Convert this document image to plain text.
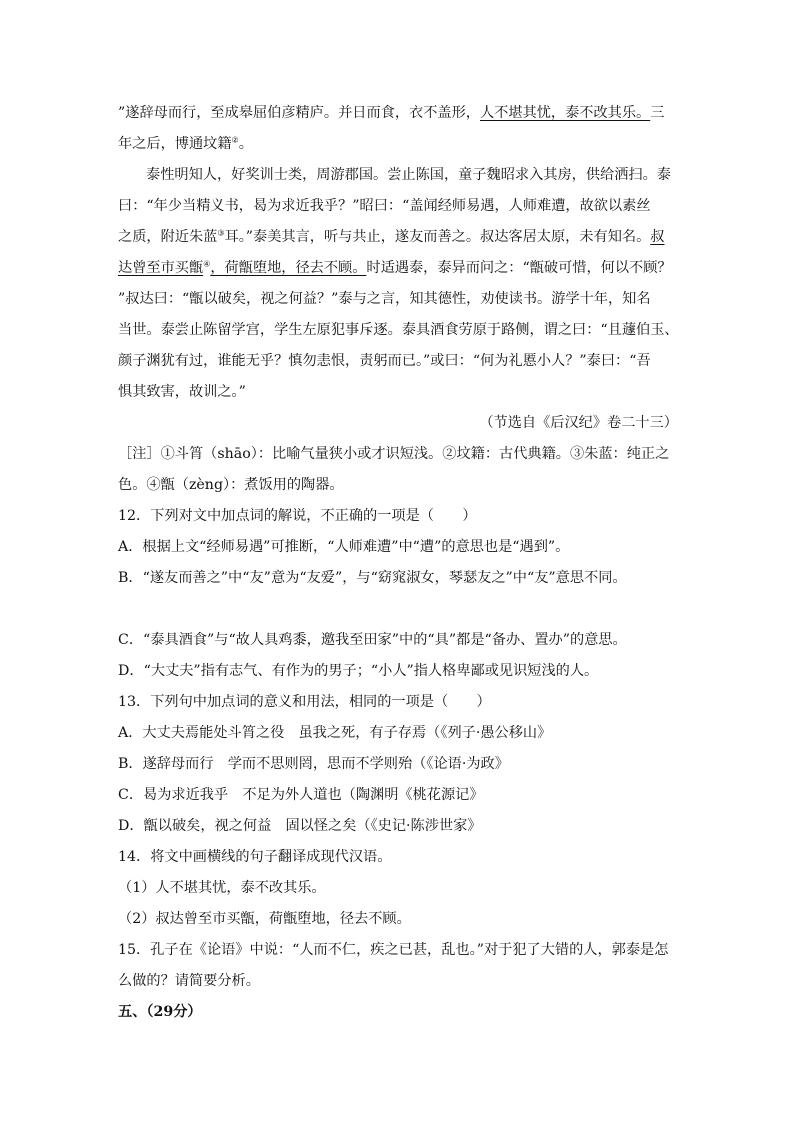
”遂辞母而行，至成皋屈伯彦精庐。并日而食，衣不盖形，人不堪其忧，泰不改其乐。三
年之后，博通坟籍②。
泰性明知人，好奖训士类，周游郡国。尝止陈国，童子魏昭求入其房，供给洒扫。泰
曰：“年少当精义书，曷为求近我乎？”昭曰：“盖闻经师易遇，人师难遭，故欲以素丝
之质，附近朱蓝③耳。”泰美其言，听与共止，遂友而善之。叔达客居太原，未有知名。叔
达曾至市买甑④，荷甑堕地，径去不顾。时适遇泰，泰异而问之：“甑破可惜，何以不顾？
”叔达曰：“甑以破矣，视之何益？”泰与之言，知其德性，劝使读书。游学十年，知名
当世。泰尝止陈留学宫，学生左原犯事斥逐。泰具酒食劳原于路侧，谓之曰：“且蘧伯玉、
颜子渊犹有过，谁能无乎？慎勿恚恨，责躬而已。”或曰：“何为礼慝小人？”泰曰：“吾
惧其致害，故训之。”
（节选自《后汉纪》卷二十三）
［注］①斗筲（shāo）：比喻气量狭小或才识短浅。②坟籍：古代典籍。③朱蓝：纯正之
色。④甑（zèng）：煮饭用的陶器。
12．下列对文中加点词的解说，不正确的一项是（　　）
A．根据上文“经师易遇”可推断，“人师难遭”中“遭”的意思也是“遇到”。
B．“遂友而善之”中“友”意为“友爱”，与“窈窕淑女，琴瑟友之”中“友”意思不同。
C．“泰具酒食”与“故人具鸡黍，邀我至田家”中的“具”都是“备办、置办”的意思。
D．“大丈夫”指有志气、有作为的男子；“小人”指人格卑鄙或见识短浅的人。
13．下列句中加点词的意义和用法，相同的一项是（　　）
A．大丈夫焉能处斗筲之役　虽我之死，有子存焉（《列子·愚公移山》
B．遂辞母而行　学而不思则罔，思而不学则殆（《论语·为政》
C．曷为求近我乎　不足为外人道也（陶渊明《桃花源记》
D．甑以破矣，视之何益　固以怪之矣（《史记·陈涉世家》
14．将文中画横线的句子翻译成现代汉语。
（1）人不堪其忧，泰不改其乐。
（2）叔达曾至市买甑，荷甑堕地，径去不顾。
15．孔子在《论语》中说：“人而不仁，疾之已甚，乱也。”对于犯了大错的人，郭泰是怎
么做的？请简要分析。
五、（29分）
